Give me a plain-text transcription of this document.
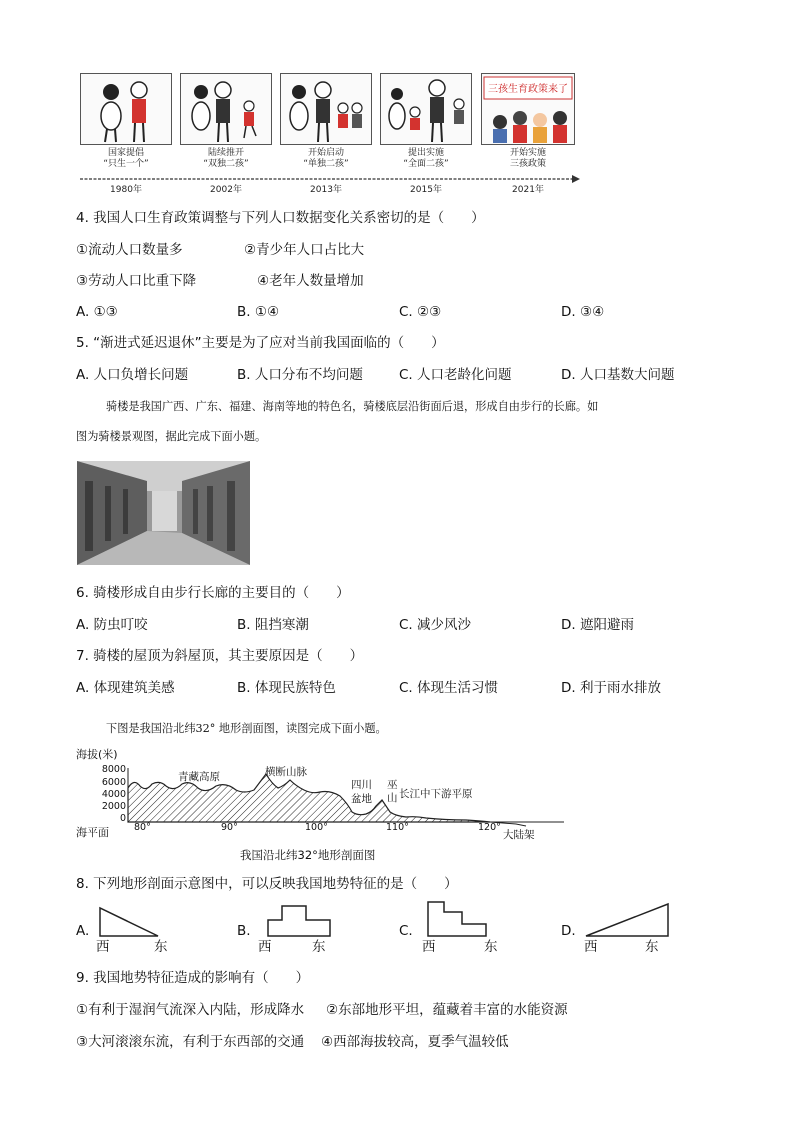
三孩生育政策来了
国家提倡
“只生一个”
陆续推开
“双独二孩”
开始启动
“单独二孩”
提出实施
“全面二孩”
开始实施
三孩政策
1980年	2002年	2013年	2015年	2021年
4. 我国人口生育政策调整与下列人口数据变化关系密切的是（　　）
①流动人口数量多	②青少年人口占比大
③劳动人口比重下降	④老年人数量增加
A. ①③	B. ①④	C. ②③	D. ③④
5. “渐进式延迟退休”主要是为了应对当前我国面临的（　　）
A. 人口负增长问题	B. 人口分布不均问题	C. 人口老龄化问题	D. 人口基数大问题
骑楼是我国广西、广东、福建、海南等地的特色名，骑楼底层沿街面后退，形成自由步行的长廊。如
图为骑楼景观图，据此完成下面小题。
6. 骑楼形成自由步行长廊的主要目的（　　）
A. 防虫叮咬	B. 阻挡寒潮	C. 减少风沙	D. 遮阳避雨
7. 骑楼的屋顶为斜屋顶，其主要原因是（　　）
A. 体现建筑美感	B. 体现民族特色	C. 体现生活习惯	D. 利于雨水排放
下图是我国沿北纬32° 地形剖面图，读图完成下面小题。
海拔(米)
8000
6000
4000
2000
0
海平面	80°	90°	100°	110°	120°
青藏高原	横断山脉
四川
盆地
巫
山 长江中下游平原
大陆架
我国沿北纬32°地形剖面图
8. 下列地形剖面示意图中，可以反映我国地势特征的是（　　）
A.
西	东
B.
西	东
C.
西	东
D.
西	东
9. 我国地势特征造成的影响有（　　）
①有利于湿润气流深入内陆，形成降水 ②东部地形平坦，蕴藏着丰富的水能资源
③大河滚滚东流，有利于东西部的交通 ④西部海拔较高，夏季气温较低
